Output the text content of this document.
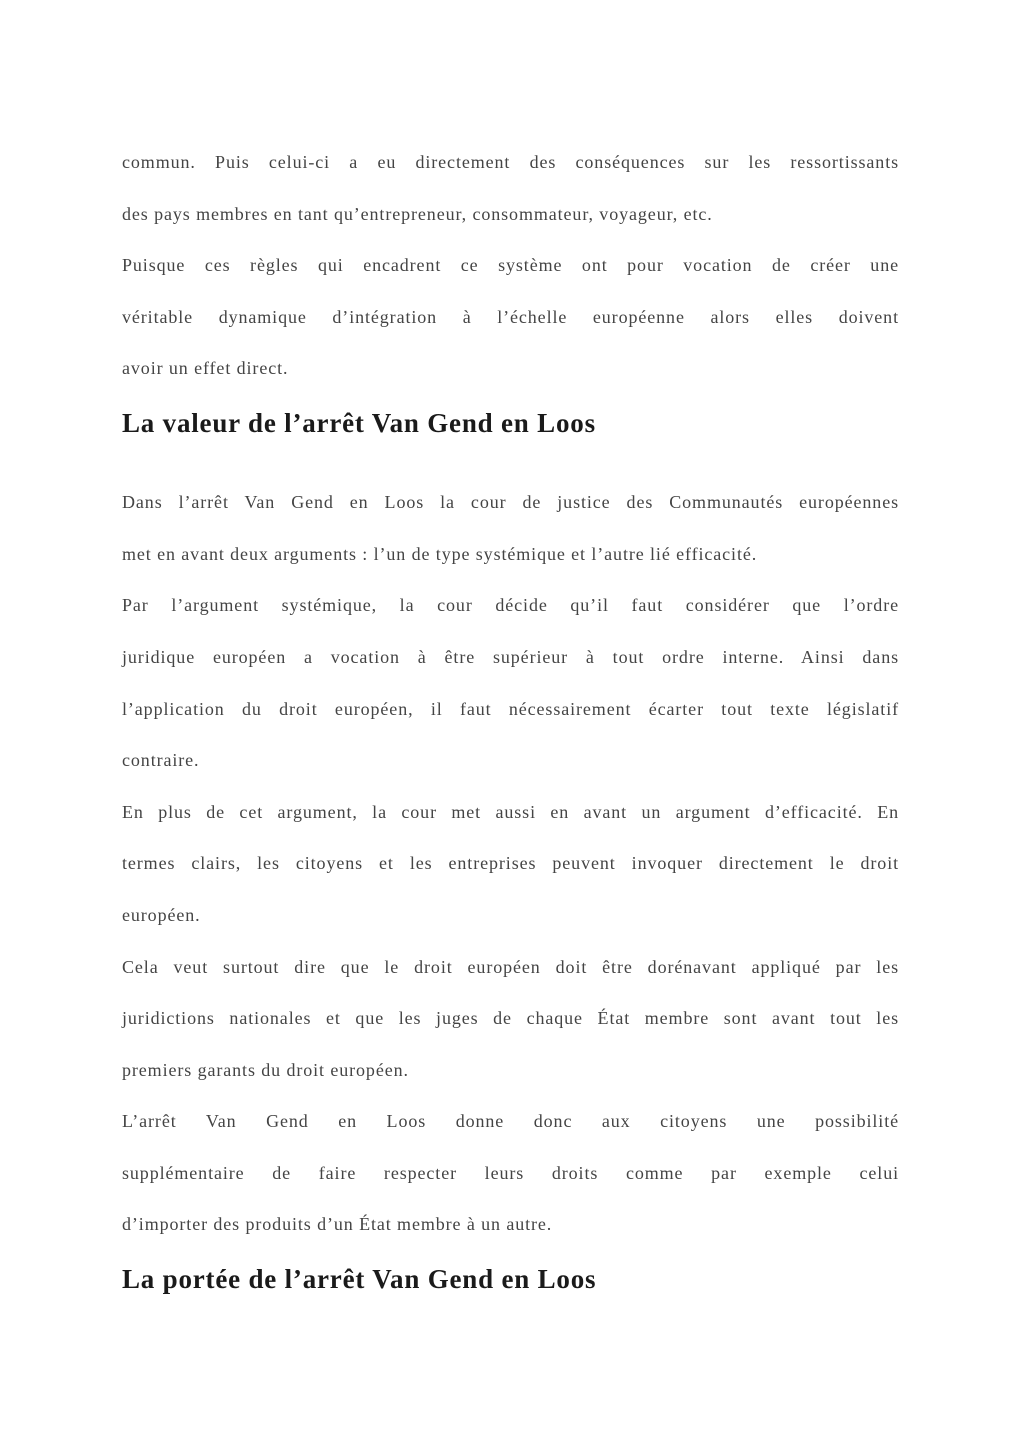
commun. Puis celui-ci a eu directement des conséquences sur les ressortissants
des pays membres en tant qu’entrepreneur, consommateur, voyageur, etc.
Puisque ces règles qui encadrent ce système ont pour vocation de créer une
véritable dynamique d’intégration à l’échelle européenne alors elles doivent
avoir un effet direct.
La valeur de l’arrêt Van Gend en Loos
Dans l’arrêt Van Gend en Loos la cour de justice des Communautés européennes
met en avant deux arguments : l’un de type systémique et l’autre lié efficacité.
Par l’argument systémique, la cour décide qu’il faut considérer que l’ordre
juridique européen a vocation à être supérieur à tout ordre interne. Ainsi dans
l’application du droit européen, il faut nécessairement écarter tout texte législatif
contraire.
En plus de cet argument, la cour met aussi en avant un argument d’efficacité. En
termes clairs, les citoyens et les entreprises peuvent invoquer directement le droit
européen.
Cela veut surtout dire que le droit européen doit être dorénavant appliqué par les
juridictions nationales et que les juges de chaque État membre sont avant tout les
premiers garants du droit européen.
L’arrêt Van Gend en Loos donne donc aux citoyens une possibilité
supplémentaire de faire respecter leurs droits comme par exemple celui
d’importer des produits d’un État membre à un autre.
La portée de l’arrêt Van Gend en Loos
